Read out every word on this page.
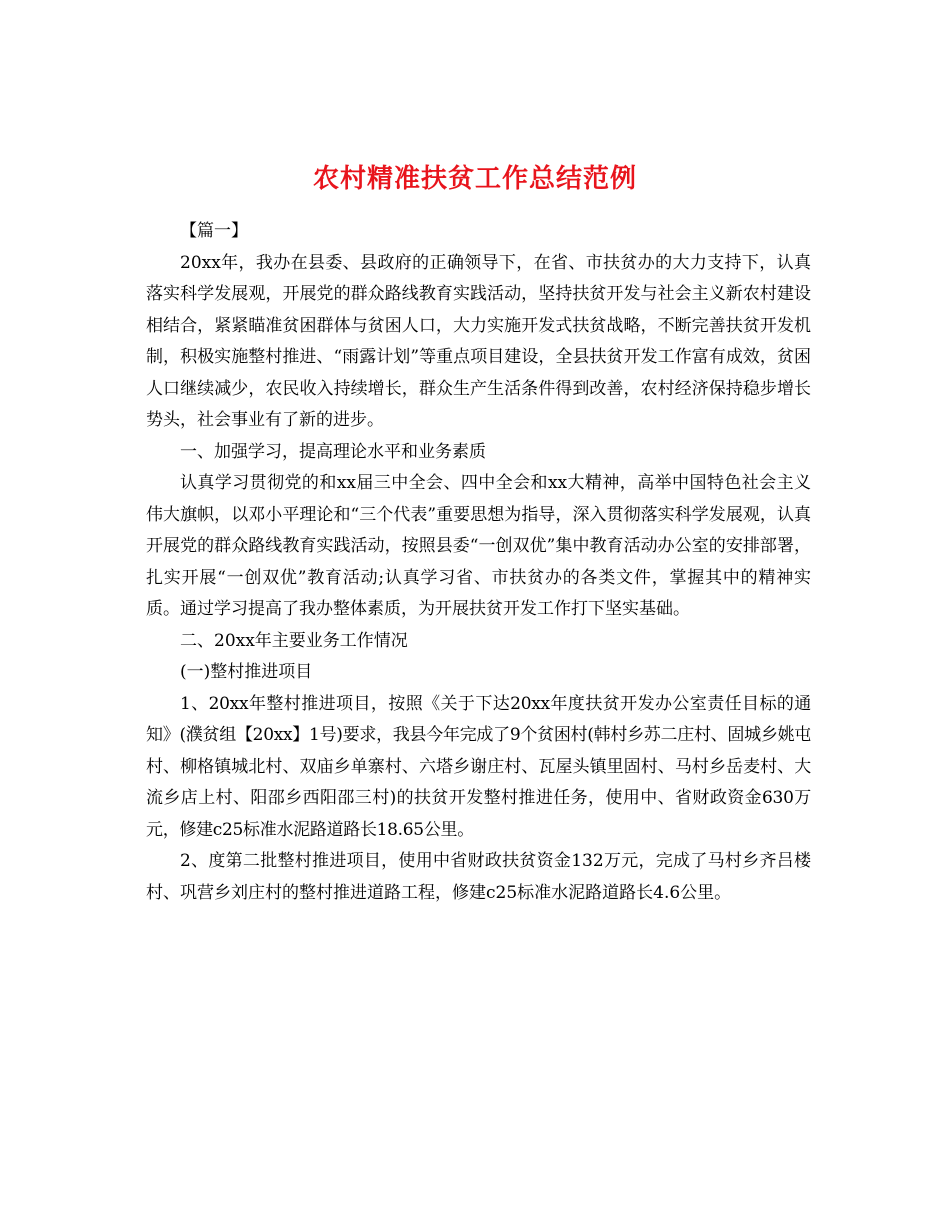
农村精准扶贫工作总结范例

【篇一】

20xx年，我办在县委、县政府的正确领导下，在省、市扶贫办的大力支持下，认真落实科学发展观，开展党的群众路线教育实践活动，坚持扶贫开发与社会主义新农村建设相结合，紧紧瞄准贫困群体与贫困人口，大力实施开发式扶贫战略，不断完善扶贫开发机制，积极实施整村推进、“雨露计划”等重点项目建设，全县扶贫开发工作富有成效，贫困人口继续减少，农民收入持续增长，群众生产生活条件得到改善，农村经济保持稳步增长势头，社会事业有了新的进步。

一、加强学习，提高理论水平和业务素质

认真学习贯彻党的和xx届三中全会、四中全会和xx大精神，高举中国特色社会主义伟大旗帜，以邓小平理论和“三个代表”重要思想为指导，深入贯彻落实科学发展观，认真开展党的群众路线教育实践活动，按照县委“一创双优”集中教育活动办公室的安排部署，扎实开展“一创双优”教育活动;认真学习省、市扶贫办的各类文件，掌握其中的精神实质。通过学习提高了我办整体素质，为开展扶贫开发工作打下坚实基础。

二、20xx年主要业务工作情况

(一)整村推进项目

1、20xx年整村推进项目，按照《关于下达20xx年度扶贫开发办公室责任目标的通知》(濮贫组【20xx】1号)要求，我县今年完成了9个贫困村(韩村乡苏二庄村、固城乡姚屯村、柳格镇城北村、双庙乡单寨村、六塔乡谢庄村、瓦屋头镇里固村、马村乡岳麦村、大流乡店上村、阳邵乡西阳邵三村)的扶贫开发整村推进任务，使用中、省财政资金630万元，修建c25标准水泥路道路长18.65公里。

2、度第二批整村推进项目，使用中省财政扶贫资金132万元，完成了马村乡齐吕楼村、巩营乡刘庄村的整村推进道路工程，修建c25标准水泥路道路长4.6公里。
